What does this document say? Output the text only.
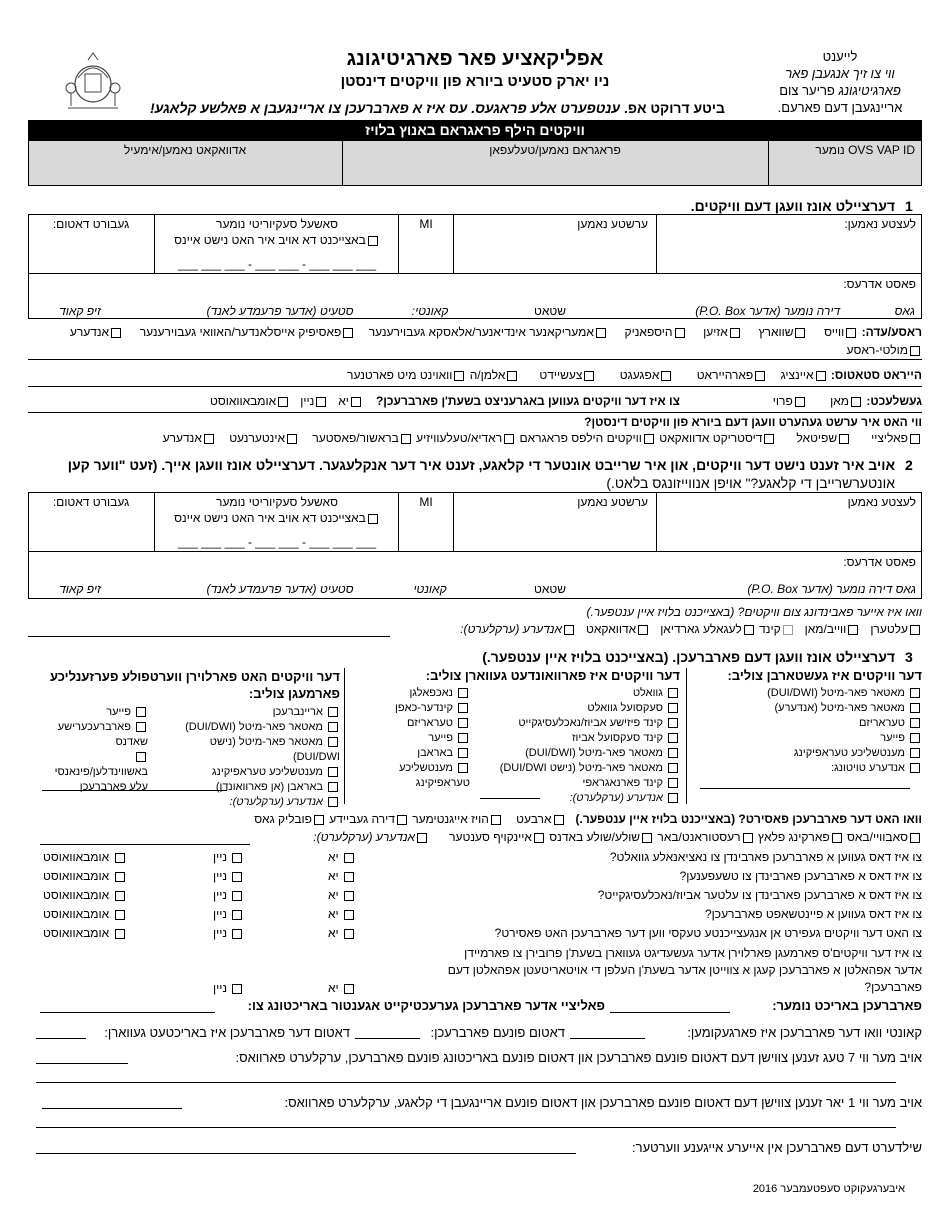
אפליקאציע פאר פארגיטיגונג
ניו יארק סטעיט ביורא פון וויקטים דינסטן
ביטע דרוקט אפ. ענטפערט אלע פראגעס. עס איז א פארברעכן צו אריינגעבן א פאלשע קלאגע!
לייענט
ווי צו זיך אנגעבן פאר
פארגיטיגונג פריער צום
אריינגעבן דעם פארעם.
וויקטים הילף פראגראם באנוץ בלויז
OVS VAP ID נומער
פראגראם נאמען/טעלעפאן
אדוואקאט נאמען/אימעיל
1
דערציילט אונז וועגן דעם וויקטים.
לעצטע נאמען:
ערשטע נאמען
MI
סאשעל סעקיוריטי נומער
באצייכנט דא אויב איר האט נישט איינס
___ ___ ___ - ___ ___ - ___ ___ ___
געבורט דאטום:
פאסט אדרעס:
גאס
דירה נומער (אדער P.O. Box)
שטאט
קאונטי:
סטעיט (אדער פרעמדע לאנד)
זיפ קאוד
ראסע/עדה: ווייס     שווארץ     אזיען     היספאניק     אמעריקאנער אינדיאנער/אלאסקא געבוירענער    פאסיפיק אייסלאנדער/האוואי געבוירענער     אנדערע
מולטי-ראסע
הייראט סטאטוס: איינציג    פארהייראט       אפגעגט       צעשיידט      אלמן/ה וואוינט מיט פארטנער
געשלעכט: מאן       פרוי
צו איז דער וויקטים געווען באגרעניצט בשעת'ן פארברעכן?
יא   ניין   אומבאוואוסט
ווי האט איר ערשט געהערט וועגן דעם ביורא פון וויקטים דינסטן?
פאליציי      שפיטאל      דיסטריקט אדוואקאט וויקטים הילפס פראגראם ראדיא/טעלעוויזיע בראשור/פאסטער    אינטערנעט    אנדערע
2
אויב איר זענט נישט דער וויקטים, און איר שרייבט אונטער די קלאגע, זענט איר דער אנקלעגער. דערציילט אונז וועגן אייך. (זעט "ווער קען
אונטערשרייבן די קלאגע?" אויפן אנווייזונגס בלאט.)
לעצטע נאמען
ערשטע נאמען
MI
סאשעל סעקיוריטי נומער
באצייכנט דא אויב איר האט נישט איינס
___ ___ ___ - ___ ___ - ___ ___ ___
געבורט דאטום:
פאסט אדרעס:
גאס דירה נומער (אדער P.O. Box)
שטאט
קאונטי
סטעיט (אדער פרעמדע לאנד)
זיפ קאוד
וואו איז אייער פאבינדונג צום וויקטים? (באצייכנט בלויז איין ענטפער.)
עלטערן   ווייב/מאן   קינד לעגאלע גארדיאן   אדוואקאט   אנדערע (ערקלערט):
3
דערציילט אונז וועגן דעם פארברעכן. (באצייכנט בלויז איין ענטפער.)
דער וויקטים איז געשטארבן צוליב:
מאטאר פאר-מיטל (DUI/DWI)
מאטאר פאר-מיטל (אנדערע)
טעראריזם
פייער
מענטשליכע טעראפיקינג
אנדערע טויטונג:
דער וויקטים איז פארוואונדעט געווארן צוליב:
גוואלט
סעקסועל גוואלט
קינד פיזישע אביוז/נאכלעסיגקייט
קינד סעקסועל אביוז
מאטאר פאר-מיטל (DUI/DWI)
מאטאר פאר-מיטל (נישט DUI/DWI)
קינד פארנאגראפי
אנדערע (ערקלערט):
נאכפאלגן
קינדער-כאפן
טעראריזם
פייער
באראבן
מענטשליכע טעראפיקינג
דער וויקטים האט פארלוירן ווערטפולע פערזענליכע פארמעגן צוליב:
אריינברעכן
מאטאר פאר-מיטל (DUI/DWI)
מאטאר פאר-מיטל (נישט DUI/DWI)
מענטשליכע טעראפיקינג
באראבן (אן פארוואונדן)
אנדערע (ערקלערט):
פייער
פארברעכערישע שאדנס
באשווינדלען/פינאנסי עלע פארברעכן
וואו האט דער פארברעכן פאסירט? (באצייכנט בלויז איין ענטפער.)   ארבעט    הויז אייגנטימער דירה געביידע פובליק גאס
סאבוויי/באס פארקינג פלאץ רעסטוראנט/באר שולע/שולע באדנס איינקויף סענטער      אנדערע (ערקלערט):
צו איז דאס געווען א פארברעכן פארבינדן צו נאציאנאלע גוואלט?
יא
ניין
אומבאוואוסט
צו איז דאס א פארברעכן פארבינדן צו טשעפענען?
יא
ניין
אומבאוואוסט
צו איז דאס א פארברעכן פארבינדן צו עלטער אביוז/נאכלעסיגקייט?
יא
ניין
אומבאוואוסט
צו איז דאס געווען א פיינטשאפט פארברעכן?
יא
ניין
אומבאוואוסט
צו האט דער וויקטים געפירט אן אנגעצייכנטע טעקסי ווען דער פארברעכן האט פאסירט?
יא
ניין
אומבאוואוסט
צו איז דער וויקטים'ס פארמעגן פארלוירן אדער געשעדיגט געווארן בשעת'ן פרובירן צו פארמיידן
אדער אפהאלטן א פארברעכן קעגן א צווייטן אדער בשעת'ן העלפן די אויטאריטעטן אפהאלטן דעם
פארברעכן?
יא
ניין
פארברעכן באריכט נומער:
פאליציי אדער פארברעכן גערעכטיקייט אגענטור באריכטונג צו:
קאונטי וואו דער פארברעכן איז פארגעקומען:
דאטום פונעם פארברעכן:
דאטום דער פארברעכן איז באריכטעט געווארן:
אויב מער ווי 7 טעג זענען צווישן דעם דאטום פונעם פארברעכן און דאטום פונעם באריכטונג פונעם פארברעכן, ערקלערט פארוואס:
אויב מער ווי 1 יאר זענען צווישן דעם דאטום פונעם פארברעכן און דאטום פונעם אריינגעבן די קלאגע, ערקלערט פארוואס:
שילדערט דעם פארברעכן אין אייערע אייגענע ווערטער:
איבערגעקוקט סעפטעמבער 2016
